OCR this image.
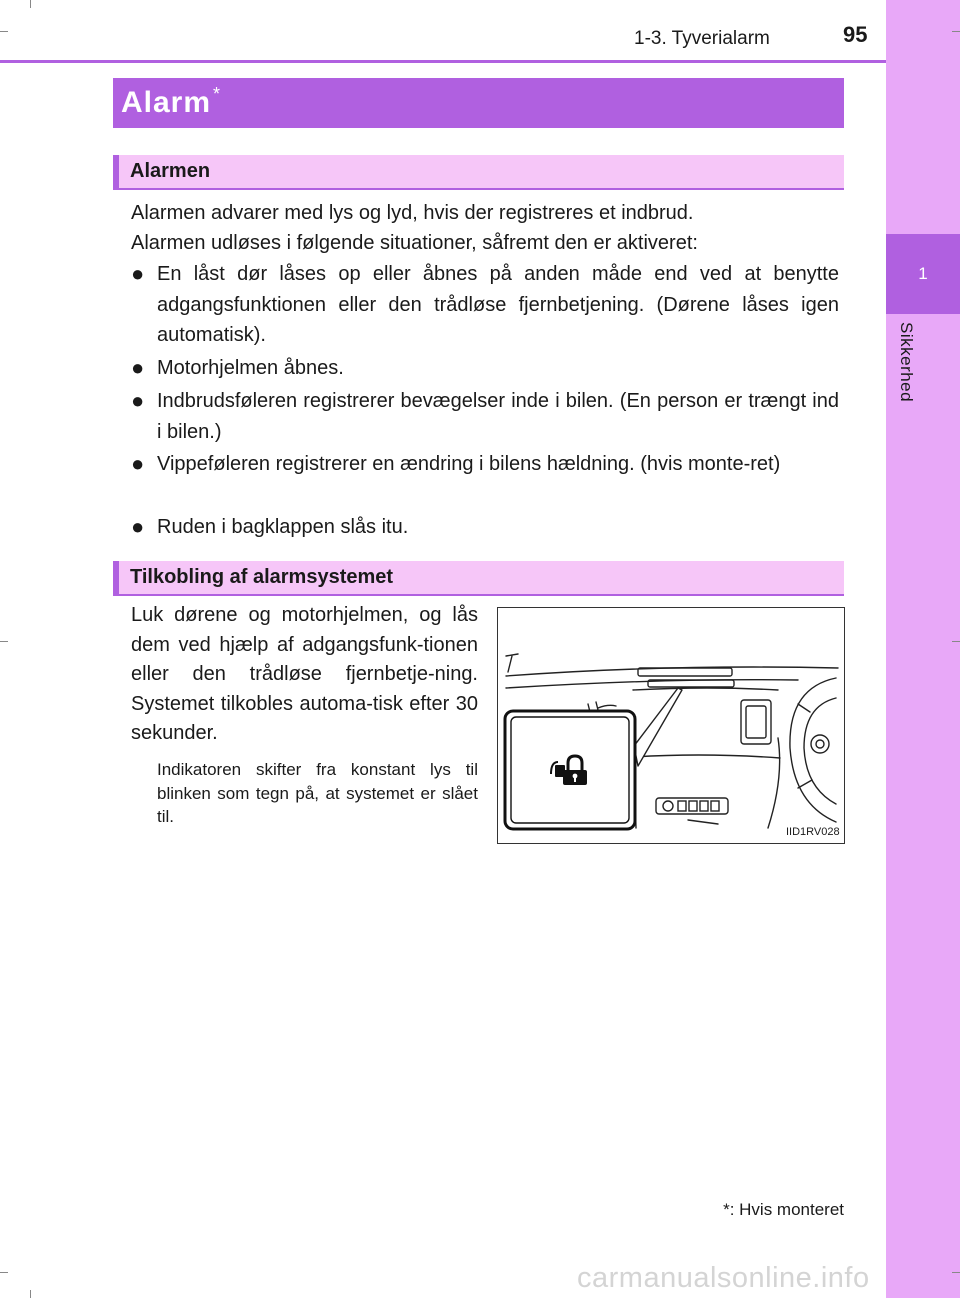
1
Sikkerhed
1-3. Tyverialarm	95
Alarm *
Alarmen
Alarmen advarer med lys og lyd, hvis der registreres et indbrud.
Alarmen udløses i følgende situationer, såfremt den er aktiveret:
● En låst dør låses op eller åbnes på anden måde end ved at benytte adgangsfunktionen eller den trådløse fjernbetjening. (Dørene låses igen automatisk).
● Motorhjelmen åbnes.
● Indbrudsføleren registrerer bevægelser inde i bilen. (En person er trængt ind i bilen.)
● Vippeføleren registrerer en ændring i bilens hældning. (hvis monte-ret)
● Ruden i bagklappen slås itu.
Tilkobling af alarmsystemet
Luk dørene og motorhjelmen, og lås dem ved hjælp af adgangsfunk-tionen eller den trådløse fjernbetje-ning. Systemet tilkobles automa-tisk efter 30 sekunder.
Indikatoren skifter fra konstant lys til blinken som tegn på, at systemet er slået til.
IID1RV028
*: Hvis monteret
carmanualsonline.info
